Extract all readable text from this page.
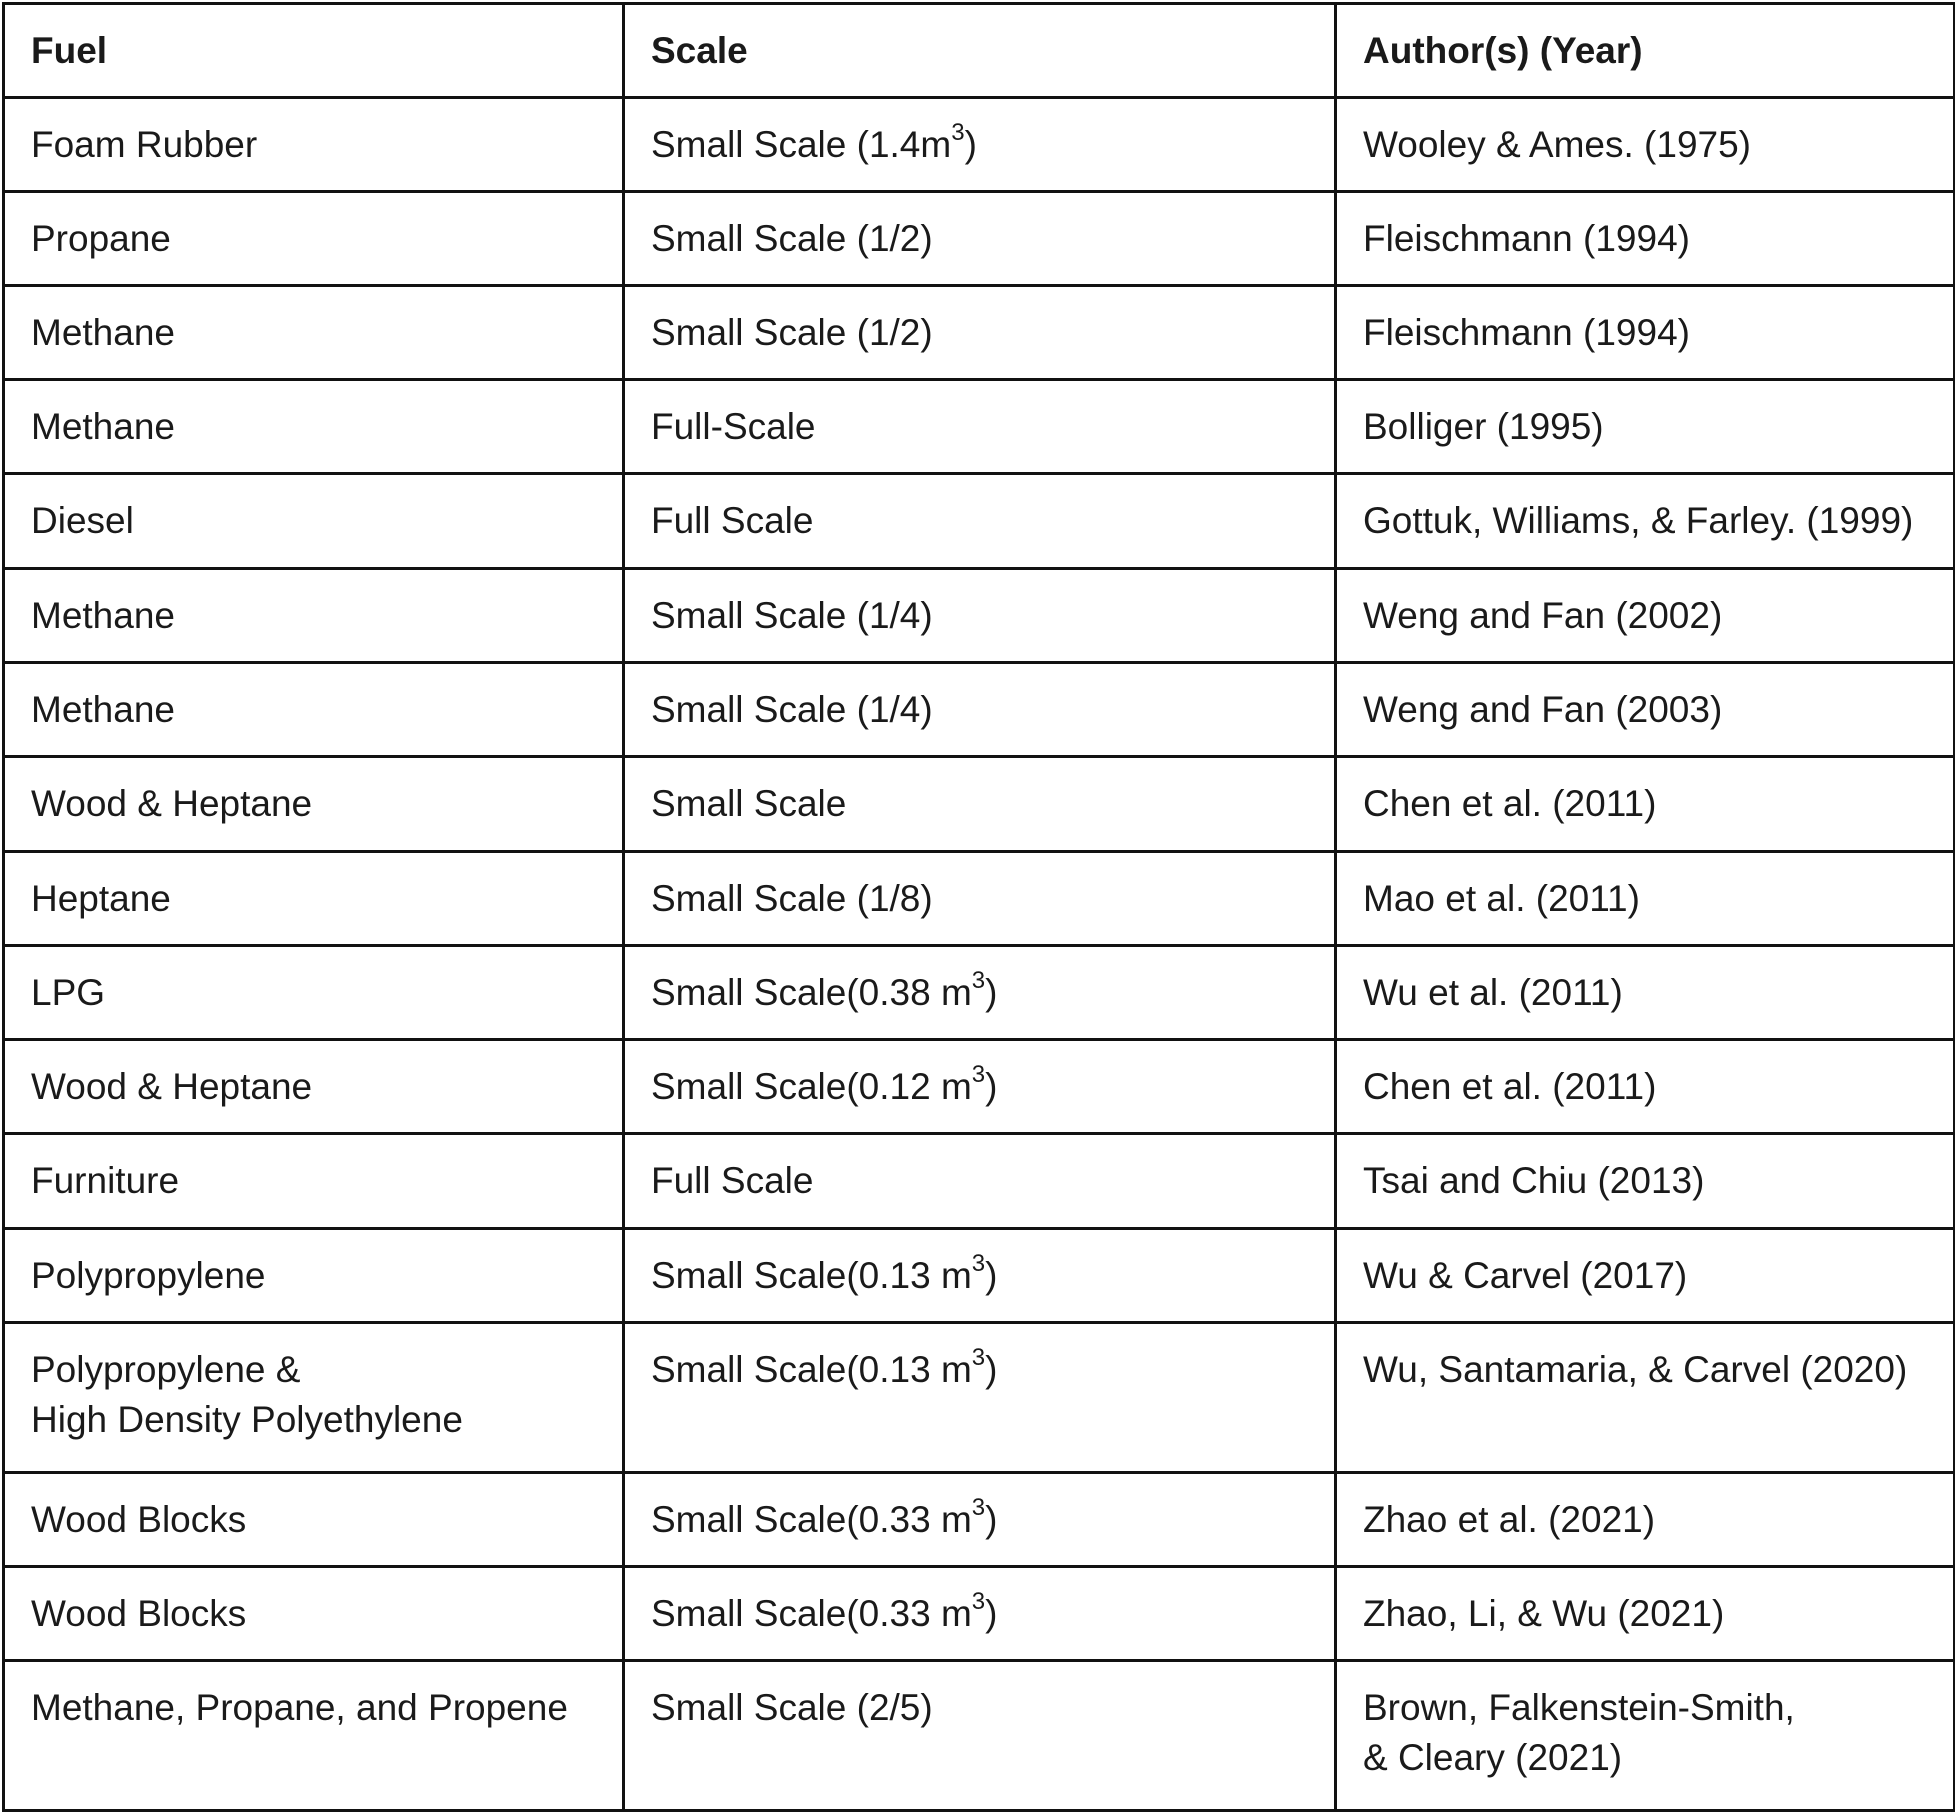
Fuel	Scale	Author(s) (Year)

Foam Rubber	Small Scale $(1.4m^3)$	Wooley & Ames. (1975)

Propane	Small Scale (1/2)	Fleischmann (1994)

Methane	Small Scale (1/2)	Fleischmann (1994)

Methane	Full-Scale	Bolliger (1995)

Diesel	Full Scale	Gottuk, Williams, & Farley. (1999)

Methane	Small Scale (1/4)	Weng and Fan (2002)

Methane	Small Scale (1/4)	Weng and Fan (2003)

Wood & Heptane	Small Scale	Chen et al. (2011)

Heptane	Small Scale (1/8)	Mao et al. (2011)

LPG	Small Scale(0.38 $m^3$)	Wu et al. (2011)

Wood & Heptane	Small Scale(0.12 $m^3$)	Chen et al. (2011)

Furniture	Full Scale	Tsai and Chiu (2013)

Polypropylene	Small Scale(0.13 $m^3$)	Wu & Carvel (2017)

Polypropylene &
High Density Polyethylene	Small Scale(0.13 $m^3$)	Wu, Santamaria, & Carvel (2020)

Wood Blocks	Small Scale(0.33 $m^3$)	Zhao et al. (2021)

Wood Blocks	Small Scale(0.33 $m^3$)	Zhao, Li, & Wu (2021)

Methane, Propane, and Propene	Small Scale (2/5)	Brown, Falkenstein-Smith,
& Cleary (2021)
